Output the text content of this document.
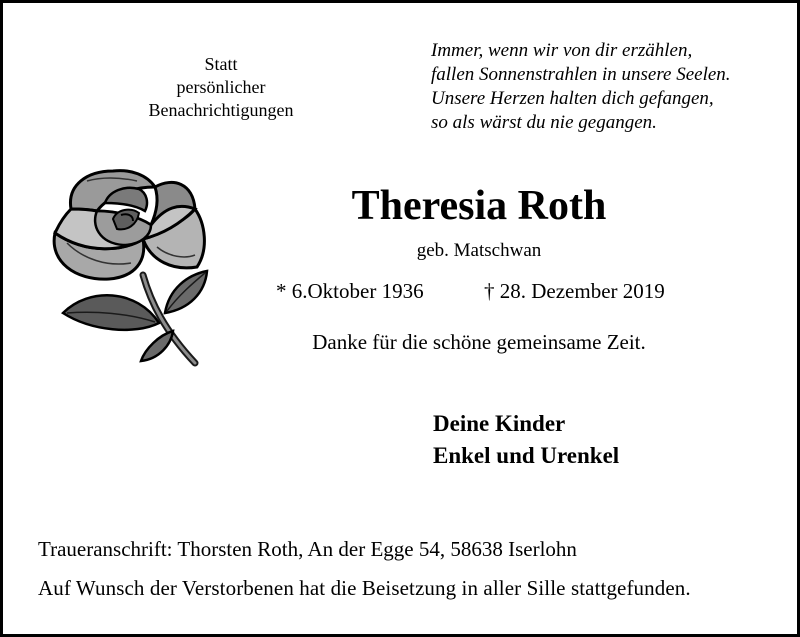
Statt
persönlicher
Benachrichtigungen
Immer, wenn wir von dir erzählen,
fallen Sonnenstrahlen in unsere Seelen.
Unsere Herzen halten dich gefangen,
so als wärst du nie gegangen.
Theresia Roth
geb. Matschwan
* 6.Oktober 1936	† 28. Dezember 2019
Danke für die schöne gemeinsame Zeit.
Deine Kinder
Enkel und Urenkel
Traueranschrift: Thorsten Roth, An der Egge 54, 58638 Iserlohn
Auf Wunsch der Verstorbenen hat die Beisetzung in aller Sille stattgefunden.
